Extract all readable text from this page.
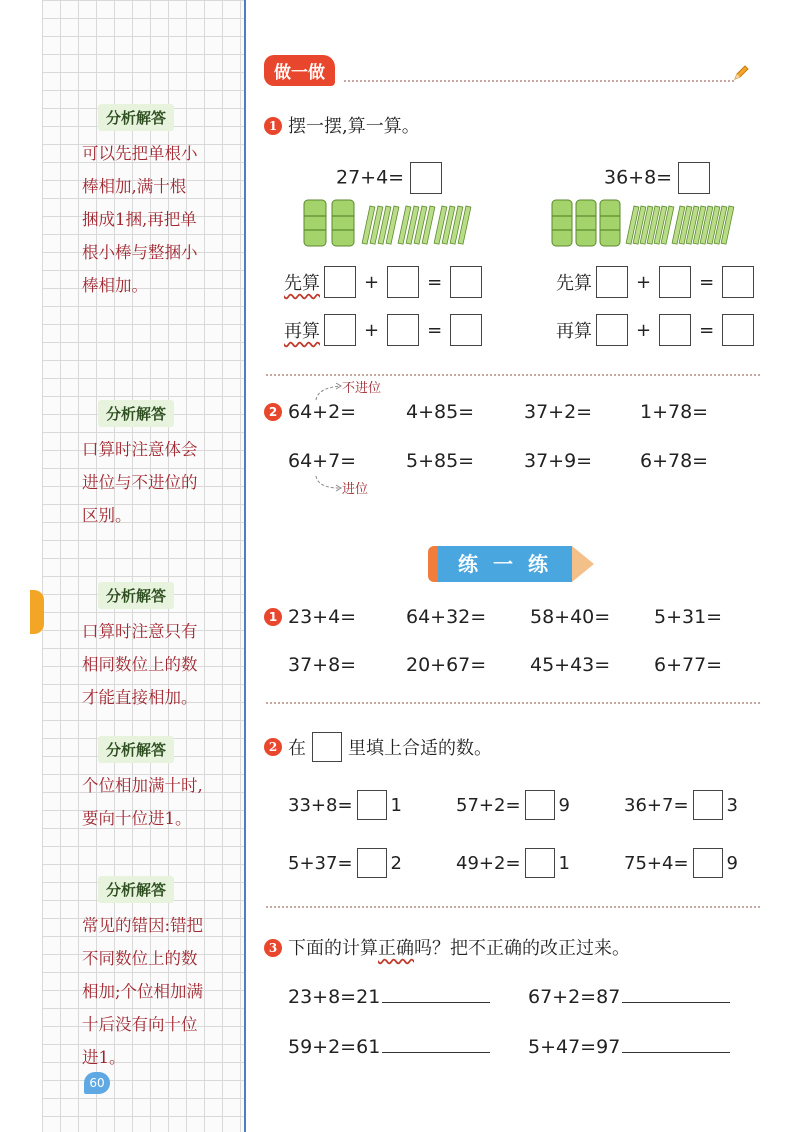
分析解答
可以先把单根小
棒相加,满十根
捆成1捆,再把单
根小棒与整捆小
棒相加。
分析解答
口算时注意体会
进位与不进位的
区别。
分析解答
口算时注意只有
相同数位上的数
才能直接相加。
分析解答
个位相加满十时,
要向十位进1。
分析解答
常见的错因:错把
不同数位上的数
相加;个位相加满
十后没有向十位
进1。
60
做一做
1 摆一摆,算一算。
27+4=	36+8=
先算 +	=
再算 +	=
先算 +	=
再算 +	=
不进位
2 64+2=	4+85=	37+2=	1+78=
64+7=	5+85=	37+9=	6+78=
进位
练 一 练
1 23+4=	64+32= 58+40= 5+31=
37+8=	20+67= 45+43= 6+77=
2 在 里填上合适的数。
33+8= 1	57+2= 9	36+7= 3
5+37= 2	49+2= 1	75+4= 9
3 下面的计算正确吗？把不正确的改正过来。
23+8=21	67+2=87
59+2=61	5+47=97
